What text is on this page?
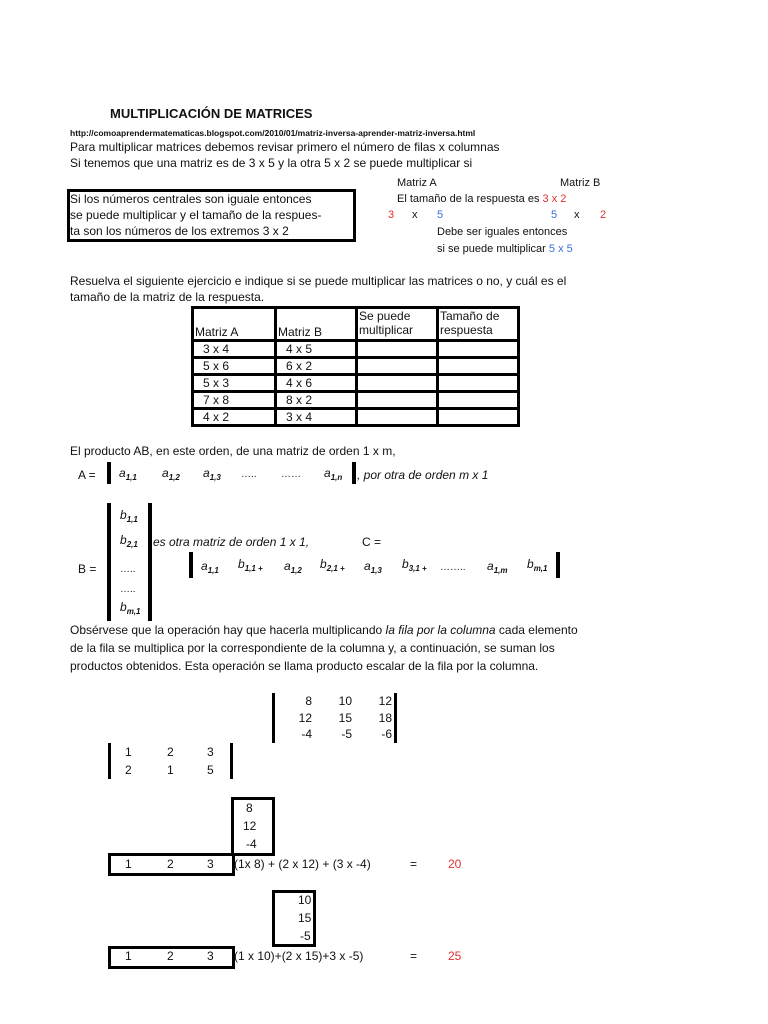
MULTIPLICACIÓN DE MATRICES
http://comoaprendermatematicas.blogspot.com/2010/01/matriz-inversa-aprender-matriz-inversa.html
Para multiplicar matrices debemos revisar primero el número de filas x columnas
Si tenemos que una matriz es de 3 x 5 y la otra 5 x 2 se puede multiplicar si
Si los números centrales son iguale entonces
se puede multiplicar y el tamaño de la respues-
ta son los números de los extremos 3 x 2
Matriz A	Matriz B
El tamaño de la respuesta es 3 x 2
3 x 5	5 x 2
Debe ser iguales entonces
si se puede multiplicar 5 x 5
Resuelva el siguiente ejercicio e indique si se puede multiplicar las matrices o no, y cuál es el
tamaño de la matriz de la respuesta.
Matriz A	Matriz B	Se puede multiplicar	Tamaño de respuesta
3 x 4	4 x 5		
5 x 6	6 x 2		
5 x 3	4 x 6		
7 x 8	8 x 2		
4 x 2	3 x 4		
El producto AB, en este orden, de una matriz de orden 1 x m,
$A = a_{1,1}$ $a_{1,2}$ $a_{1,3}$ ….. …… $a_{1,n}$ , por otra de orden m x 1
B =
$b_{1,1}$
$b_{2,1}$
…..
…..
$b_{m,1}$
es otra matriz de orden 1 x 1,	C =
$a_{1,1}$ $b_{1,1 +}$ $a_{1,2}$ $b_{2,1 +}$ $a_{1,3}$ $b_{3,1 +}$ …….. $a_{1,m}$ $b_{m,1}$
Obsérvese que la operación hay que hacerla multiplicando la fila por la columna cada elemento
de la fila se multiplica por la correspondiente de la columna y, a continuación, se suman los
productos obtenidos. Esta operación se llama producto escalar de la fila por la columna.
8	10	12
12	15	18
-4	-5	-6
1	2	3
2	1	5
8
12
-4
1	2	3 (1x 8) + (2 x 12) + (3 x -4)	=	20
10
15
-5
1	2	3 (1 x 10)+(2 x 15)+3 x -5)	=	25
